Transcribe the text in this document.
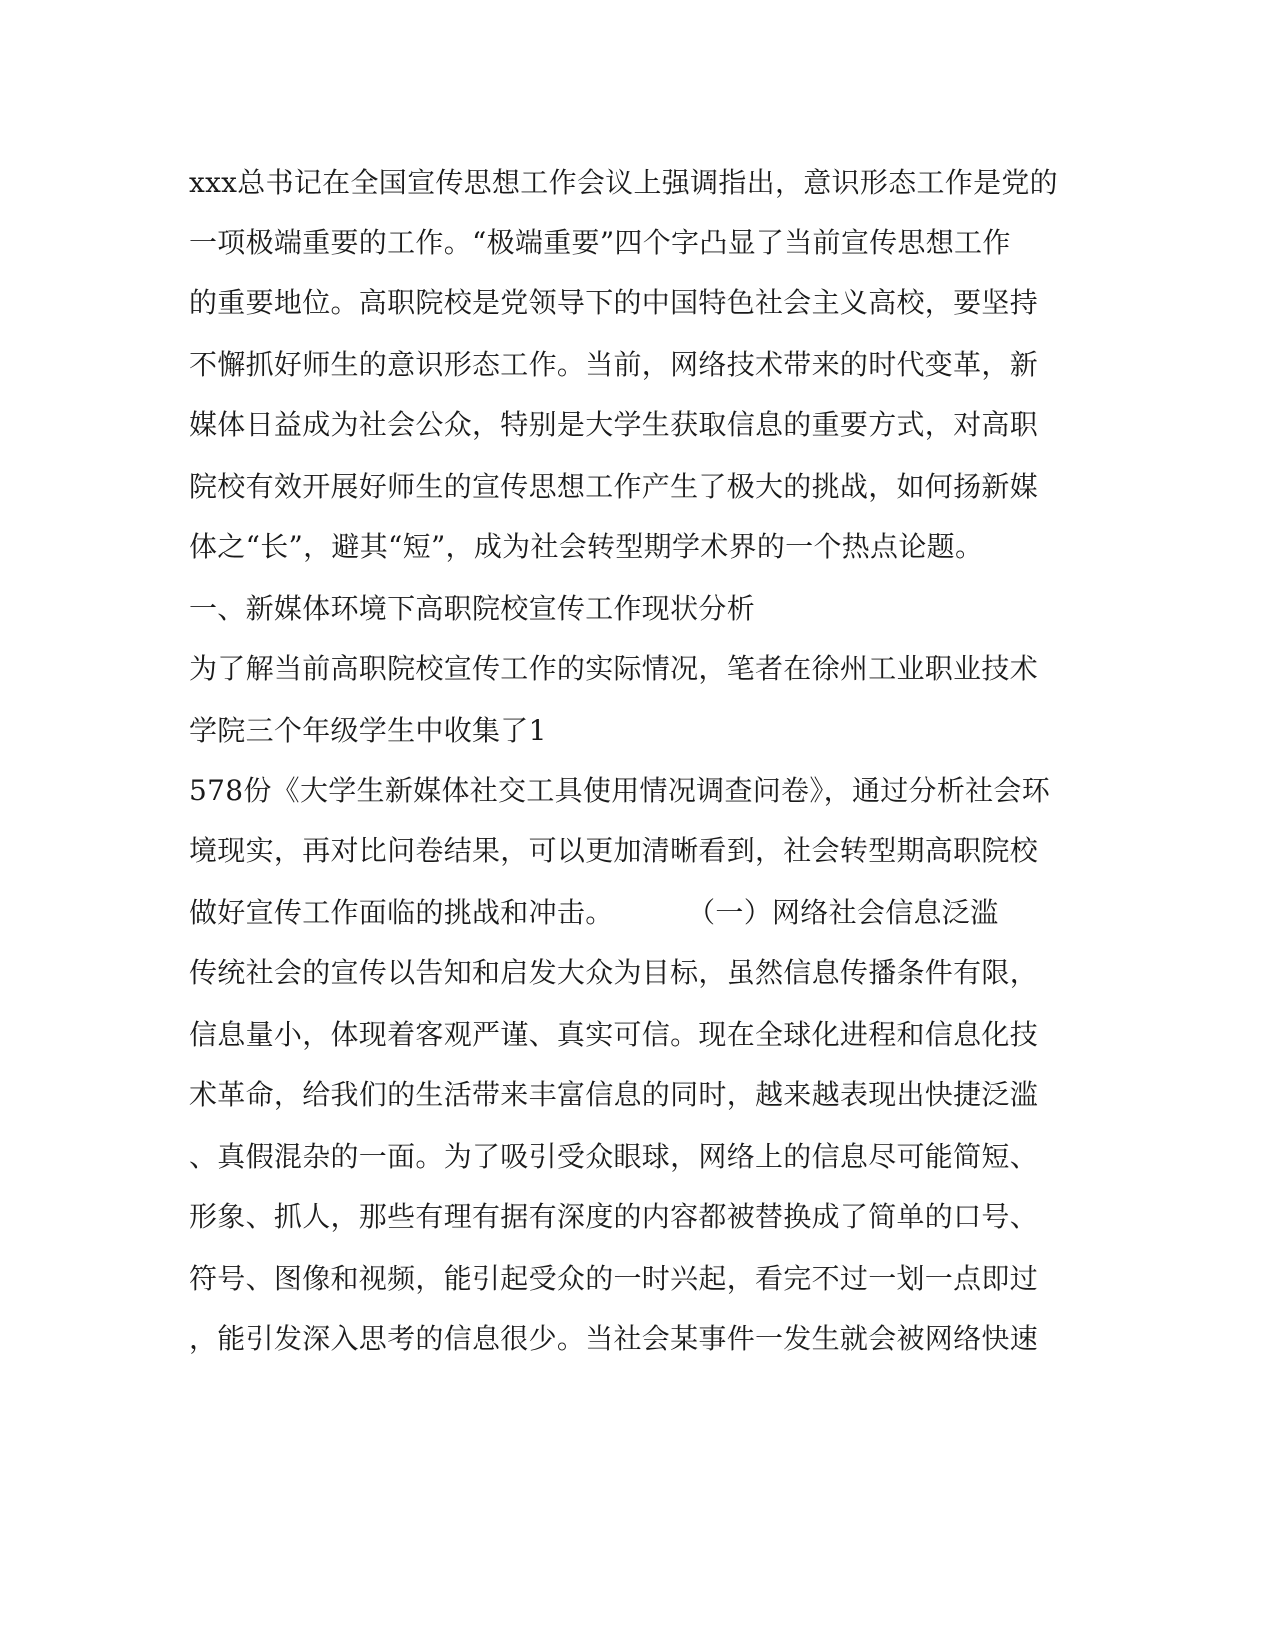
xxx总书记在全国宣传思想工作会议上强调指出，意识形态工作是党的
一项极端重要的工作。“极端重要”四个字凸显了当前宣传思想工作
的重要地位。高职院校是党领导下的中国特色社会主义高校，要坚持
不懈抓好师生的意识形态工作。当前，网络技术带来的时代变革，新
媒体日益成为社会公众，特别是大学生获取信息的重要方式，对高职
院校有效开展好师生的宣传思想工作产生了极大的挑战，如何扬新媒
体之“长”，避其“短”，成为社会转型期学术界的一个热点论题。
一、新媒体环境下高职院校宣传工作现状分析
为了解当前高职院校宣传工作的实际情况，笔者在徐州工业职业技术
学院三个年级学生中收集了1
578份《大学生新媒体社交工具使用情况调查问卷》，通过分析社会环
境现实，再对比问卷结果，可以更加清晰看到，社会转型期高职院校
做好宣传工作面临的挑战和冲击。        （一）网络社会信息泛滥
传统社会的宣传以告知和启发大众为目标，虽然信息传播条件有限，
信息量小，体现着客观严谨、真实可信。现在全球化进程和信息化技
术革命，给我们的生活带来丰富信息的同时，越来越表现出快捷泛滥
、真假混杂的一面。为了吸引受众眼球，网络上的信息尽可能简短、
形象、抓人，那些有理有据有深度的内容都被替换成了简单的口号、
符号、图像和视频，能引起受众的一时兴起，看完不过一划一点即过
，能引发深入思考的信息很少。当社会某事件一发生就会被网络快速
